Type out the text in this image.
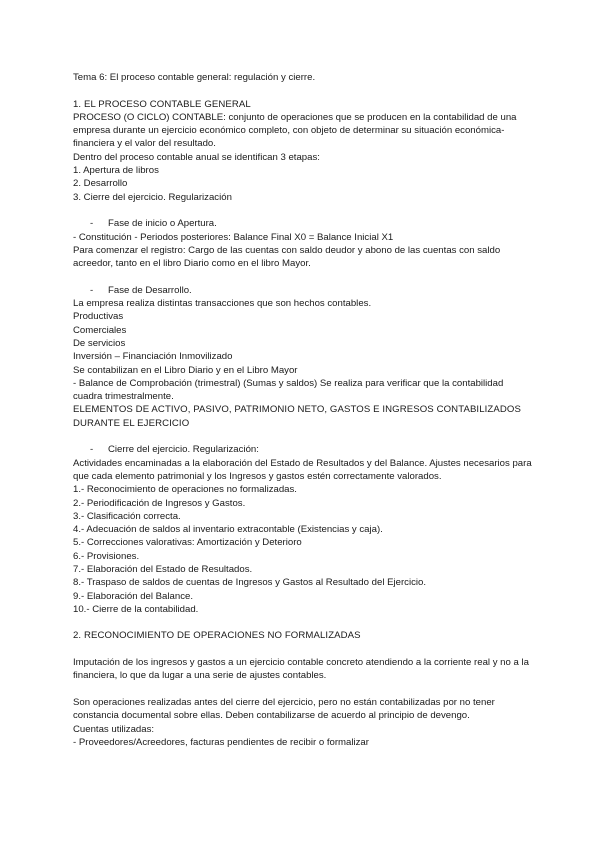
Tema 6: El proceso contable general: regulación y cierre.
1. EL PROCESO CONTABLE GENERAL
PROCESO (O CICLO) CONTABLE: conjunto de operaciones que se producen en la contabilidad de una empresa durante un ejercicio económico completo, con objeto de determinar su situación económica-financiera y el valor del resultado.
Dentro del proceso contable anual se identifican 3 etapas:
1. Apertura de libros
2. Desarrollo
3. Cierre del ejercicio. Regularización
- Fase de inicio o Apertura.
- Constitución - Periodos posteriores: Balance Final X0 = Balance Inicial X1
Para comenzar el registro: Cargo de las cuentas con saldo deudor y abono de las cuentas con saldo acreedor, tanto en el libro Diario como en el libro Mayor.
- Fase de Desarrollo.
La empresa realiza distintas transacciones que son hechos contables.
Productivas
Comerciales
De servicios
Inversión – Financiación Inmovilizado
Se contabilizan en el Libro Diario y en el Libro Mayor
- Balance de Comprobación (trimestral) (Sumas y saldos) Se realiza para verificar que la contabilidad cuadra trimestralmente.
ELEMENTOS DE ACTIVO, PASIVO, PATRIMONIO NETO, GASTOS E INGRESOS CONTABILIZADOS DURANTE EL EJERCICIO
- Cierre del ejercicio. Regularización:
Actividades encaminadas a la elaboración del Estado de Resultados y del Balance. Ajustes necesarios para que cada elemento patrimonial y los Ingresos y gastos estén correctamente valorados.
1.- Reconocimiento de operaciones no formalizadas.
2.- Periodificación de Ingresos y Gastos.
3.- Clasificación correcta.
4.- Adecuación de saldos al inventario extracontable (Existencias y caja).
5.- Correcciones valorativas: Amortización y Deterioro
6.- Provisiones.
7.- Elaboración del Estado de Resultados.
8.- Traspaso de saldos de cuentas de Ingresos y Gastos al Resultado del Ejercicio.
9.- Elaboración del Balance.
10.- Cierre de la contabilidad.
2. RECONOCIMIENTO DE OPERACIONES NO FORMALIZADAS
Imputación de los ingresos y gastos a un ejercicio contable concreto atendiendo a la corriente real y no a la financiera, lo que da lugar a una serie de ajustes contables.
Son operaciones realizadas antes del cierre del ejercicio, pero no están contabilizadas por no tener constancia documental sobre ellas. Deben contabilizarse de acuerdo al principio de devengo.
Cuentas utilizadas:
- Proveedores/Acreedores, facturas pendientes de recibir o formalizar
